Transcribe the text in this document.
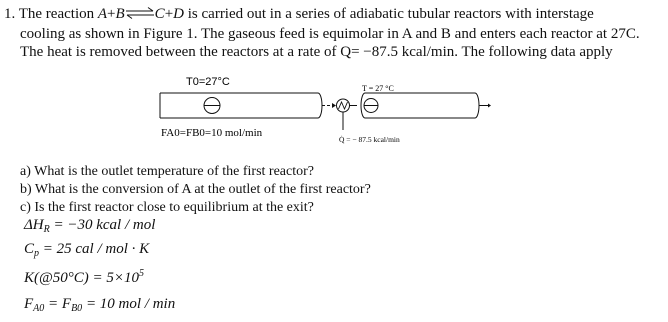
1. The reaction A+B⇌C+D is carried out in a series of adiabatic tubular reactors with interstage
cooling as shown in Figure 1. The gaseous feed is equimolar in A and B and enters each reactor at 27C.
The heat is removed between the reactors at a rate of Q= −87.5 kcal/min. The following data apply
T0=27°C
T = 27 °C
FA0=FB0=10 mol/min
Q̇ = − 87.5 kcal/min
a) What is the outlet temperature of the first reactor?
b) What is the conversion of A at the outlet of the first reactor?
c) Is the first reactor close to equilibrium at the exit?
$\Delta H_R = -30$ kcal / mol
$C_p = 25$ cal / mol · K
K(@50°C) = $5\times 10^5$
$F_{A0} = F_{B0} = 10$ mol / min
